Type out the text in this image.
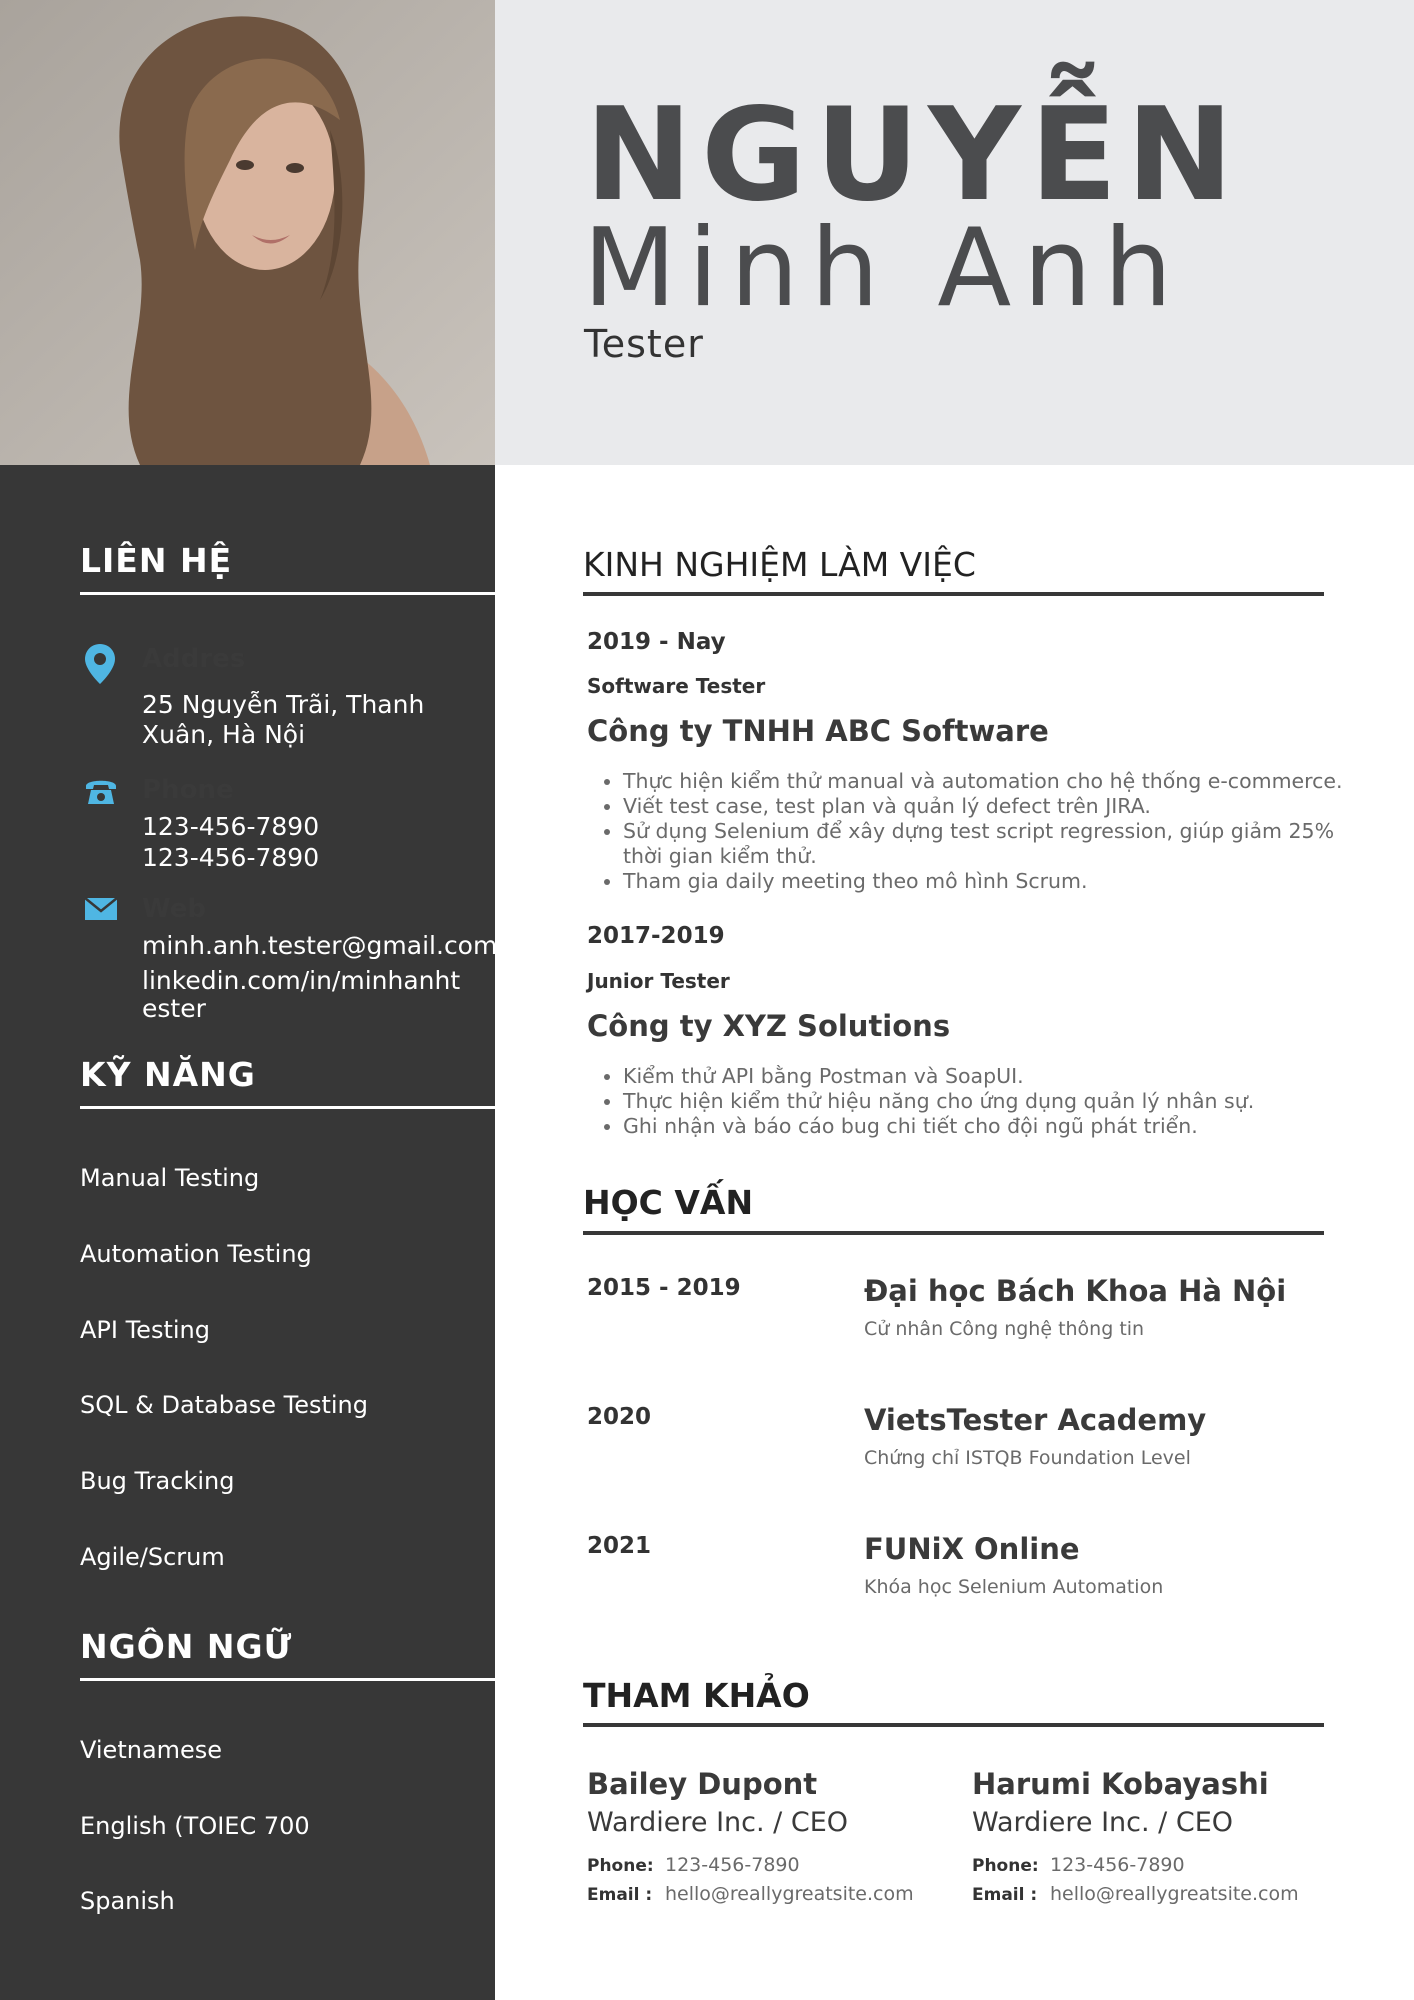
NGUYỄN
Minh Anh
Tester
LIÊN HỆ
Addres
25 Nguyễn Trãi, Thanh
Xuân, Hà Nội
Phone
123-456-7890
123-456-7890
Web
minh.anh.tester@gmail.com
linkedin.com/in/minhanht
ester
KỸ NĂNG
Manual Testing
Automation Testing
API Testing
SQL & Database Testing
Bug Tracking
Agile/Scrum
NGÔN NGỮ
Vietnamese
English (TOIEC 700
Spanish
KINH NGHIỆM LÀM VIỆC
2019 - Nay
Software Tester
Công ty TNHH ABC Software
• Thực hiện kiểm thử manual và automation cho hệ thống e-commerce.
• Viết test case, test plan và quản lý defect trên JIRA.
• Sử dụng Selenium để xây dựng test script regression, giúp giảm 25% thời gian kiểm thử.
• Tham gia daily meeting theo mô hình Scrum.
2017-2019
Junior Tester
Công ty XYZ Solutions
• Kiểm thử API bằng Postman và SoapUI.
• Thực hiện kiểm thử hiệu năng cho ứng dụng quản lý nhân sự.
• Ghi nhận và báo cáo bug chi tiết cho đội ngũ phát triển.
HỌC VẤN
2015 - 2019	Đại học Bách Khoa Hà Nội
Cử nhân Công nghệ thông tin
2020	VietsTester Academy
Chứng chỉ ISTQB Foundation Level
2021	FUNiX Online
Khóa học Selenium Automation
THAM KHẢO
Bailey Dupont
Wardiere Inc. / CEO
Phone: 123-456-7890
Email : hello@reallygreatsite.com
Harumi Kobayashi
Wardiere Inc. / CEO
Phone: 123-456-7890
Email : hello@reallygreatsite.com
